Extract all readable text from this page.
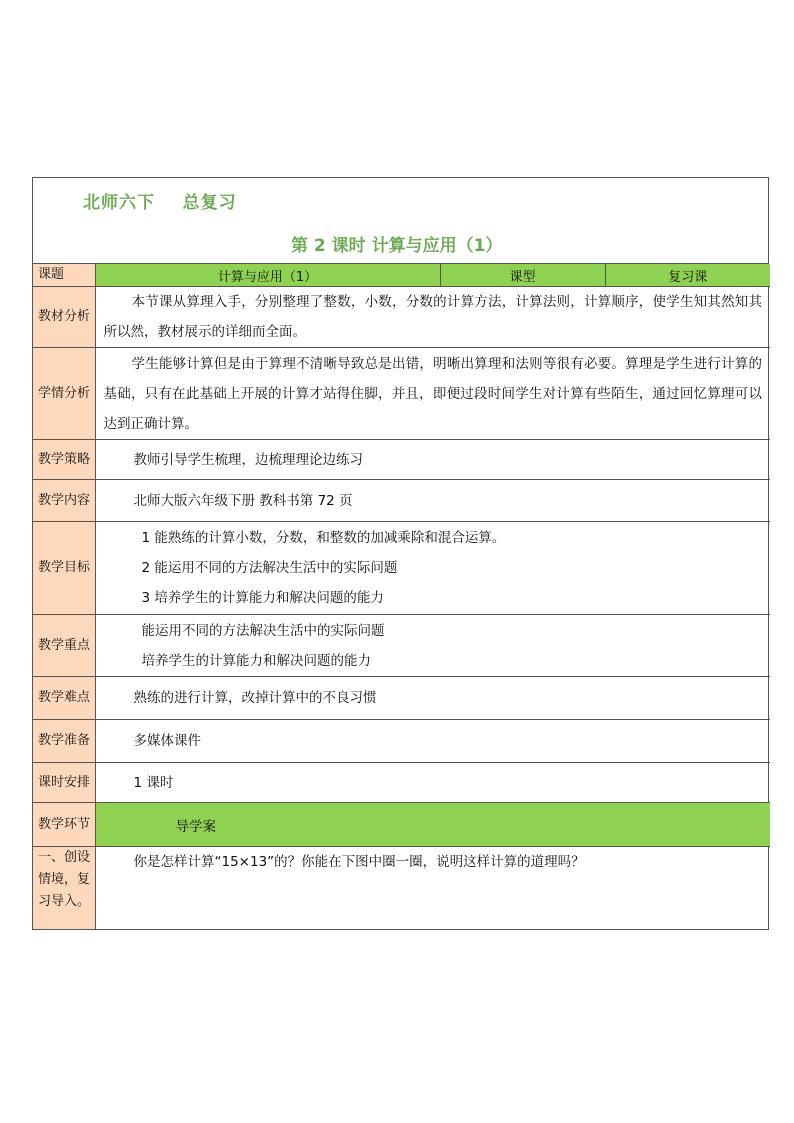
北师六下    总复习
第 2 课时 计算与应用（1）
课题	计算与应用（1）	课型	复习课
教材分析	本节课从算理入手，分别整理了整数，小数，分数的计算方法，计算法则，计算顺序，使学生知其然知其所以然，教材展示的详细而全面。		
学情分析	学生能够计算但是由于算理不清晰导致总是出错，明晰出算理和法则等很有必要。算理是学生进行计算的基础，只有在此基础上开展的计算才站得住脚，并且，即便过段时间学生对计算有些陌生，通过回忆算理可以达到正确计算。		
教学策略	教师引导学生梳理，边梳理理论边练习		
教学内容	北师大版六年级下册 教科书第 72 页		
教学目标	1 能熟练的计算小数，分数，和整数的加减乘除和混合运算。
2 能运用不同的方法解决生活中的实际问题
3 培养学生的计算能力和解决问题的能力		

教学重点	能运用不同的方法解决生活中的实际问题
培养学生的计算能力和解决问题的能力		

教学难点	熟练的进行计算，改掉计算中的不良习惯		
教学准备	多媒体课件		
课时安排	1 课时		
教学环节	导学案		
一、创设情境，复习导入。	你是怎样计算“15×13”的？你能在下图中圈一圈，说明这样计算的道理吗？		
